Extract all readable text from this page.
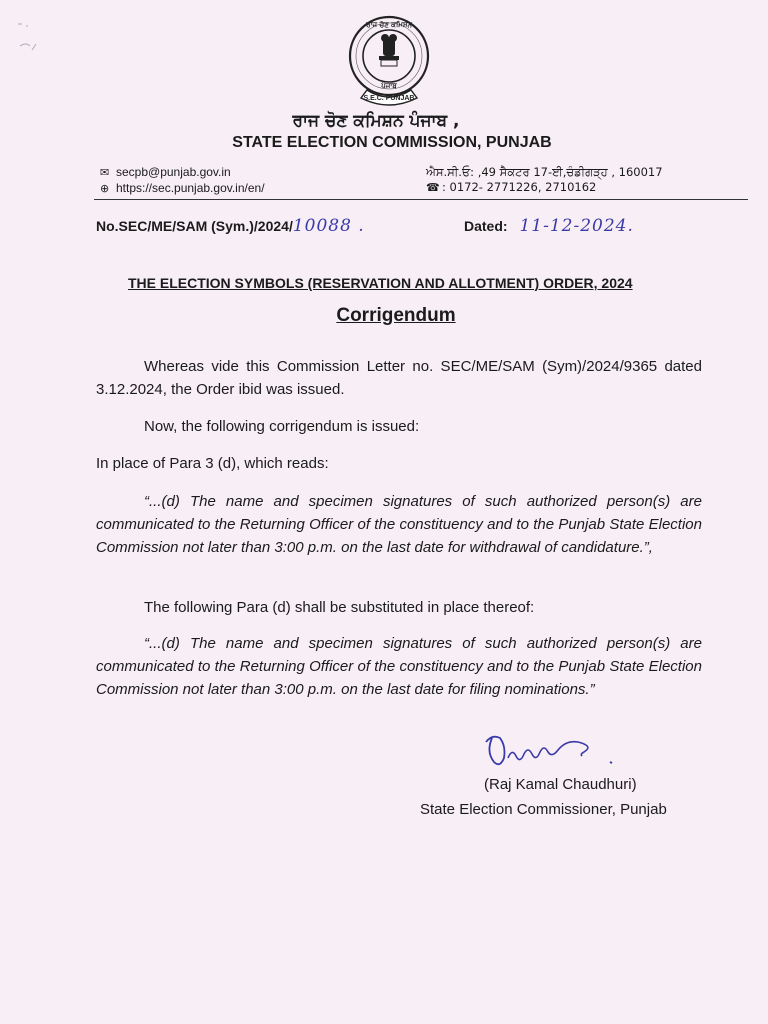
S.E.C. PUNJAB
ਰਾਜ ਚੋਣ ਕਮਿਸ਼ਨ
ਪੰਜਾਬ
ਰਾਜ ਚੋਣ ਕਮਿਸ਼ਨ ਪੰਜਾਬ ,
STATE ELECTION COMMISSION, PUNJAB
✉ secpb@punjab.gov.in
⊕ https://sec.punjab.gov.in/en/
ਐਸ.ਸੀ.ਓ: ,49 ਸੈਕਟਰ 17-ਈ,ਚੰਡੀਗੜ੍ਹ , 160017
☎ : 0172- 2771226, 2710162
No.SEC/ME/SAM (Sym.)/2024/10088 .	Dated: 11-12-2024.
THE ELECTION SYMBOLS (RESERVATION AND ALLOTMENT) ORDER, 2024
Corrigendum
Whereas vide this Commission Letter no. SEC/ME/SAM (Sym)/2024/9365 dated 3.12.2024, the Order ibid was issued.
Now, the following corrigendum is issued:
In place of Para 3 (d), which reads:
“...(d) The name and specimen signatures of such authorized person(s) are communicated to the Returning Officer of the constituency and to the Punjab State Election Commission not later than 3:00 p.m. on the last date for withdrawal of candidature.”,
The following Para (d) shall be substituted in place thereof:
“...(d) The name and specimen signatures of such authorized person(s) are communicated to the Returning Officer of the constituency and to the Punjab State Election Commission not later than 3:00 p.m. on the last date for filing nominations.”
(Raj Kamal Chaudhuri)
State Election Commissioner, Punjab
